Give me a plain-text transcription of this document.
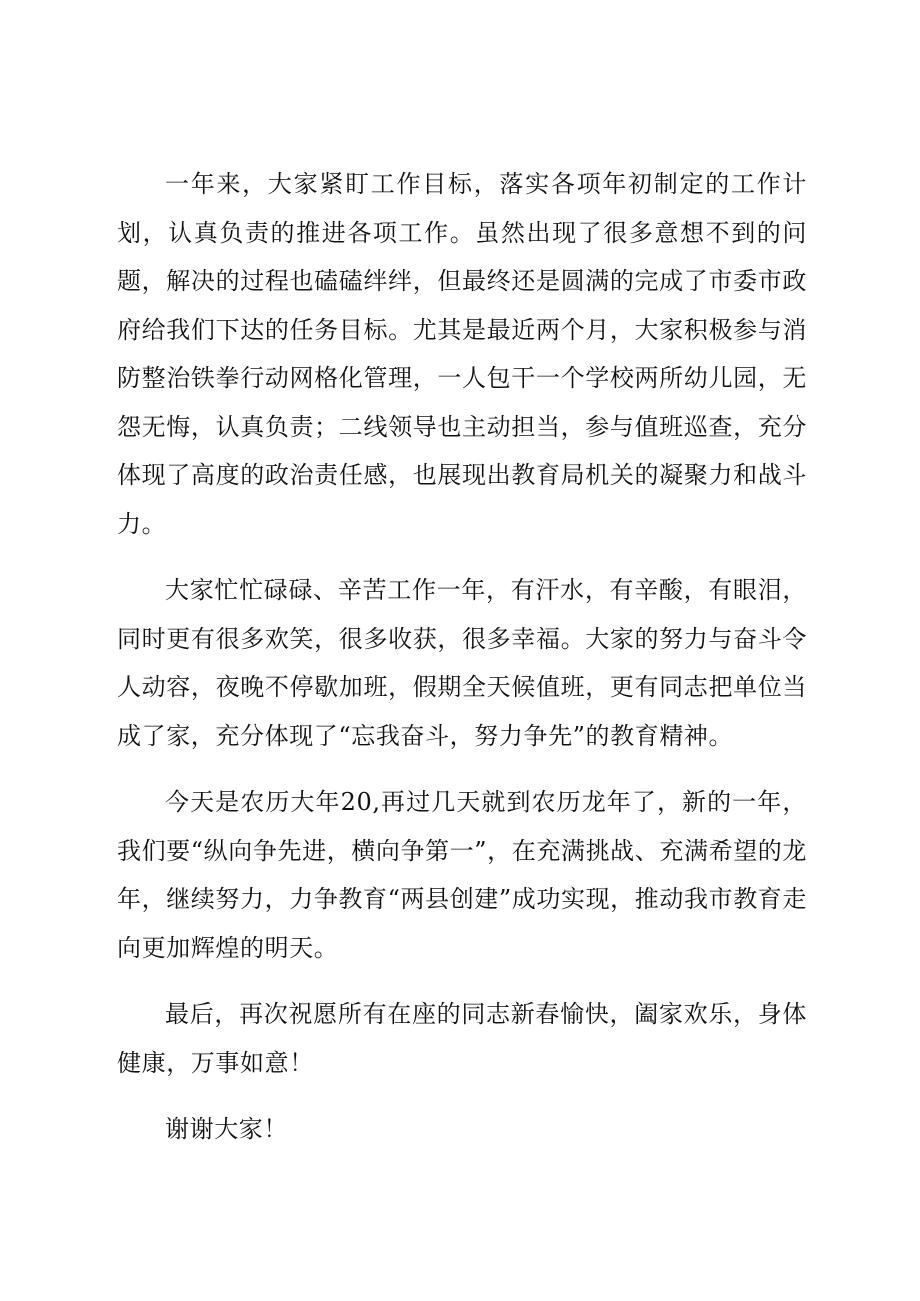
一年来，大家紧盯工作目标，落实各项年初制定的工作计划，认真负责的推进各项工作。虽然出现了很多意想不到的问题，解决的过程也磕磕绊绊，但最终还是圆满的完成了市委市政府给我们下达的任务目标。尤其是最近两个月，大家积极参与消防整治铁拳行动网格化管理，一人包干一个学校两所幼儿园，无怨无悔，认真负责；二线领导也主动担当，参与值班巡查，充分体现了高度的政治责任感，也展现出教育局机关的凝聚力和战斗力。

大家忙忙碌碌、辛苦工作一年，有汗水，有辛酸，有眼泪，同时更有很多欢笑，很多收获，很多幸福。大家的努力与奋斗令人动容，夜晚不停歇加班，假期全天候值班，更有同志把单位当成了家，充分体现了“忘我奋斗，努力争先”的教育精神。

今天是农历大年20,再过几天就到农历龙年了，新的一年，我们要“纵向争先进，横向争第一”，在充满挑战、充满希望的龙年，继续努力，力争教育“两县创建”成功实现，推动我市教育走向更加辉煌的明天。

最后，再次祝愿所有在座的同志新春愉快，阖家欢乐，身体健康，万事如意！

谢谢大家！
